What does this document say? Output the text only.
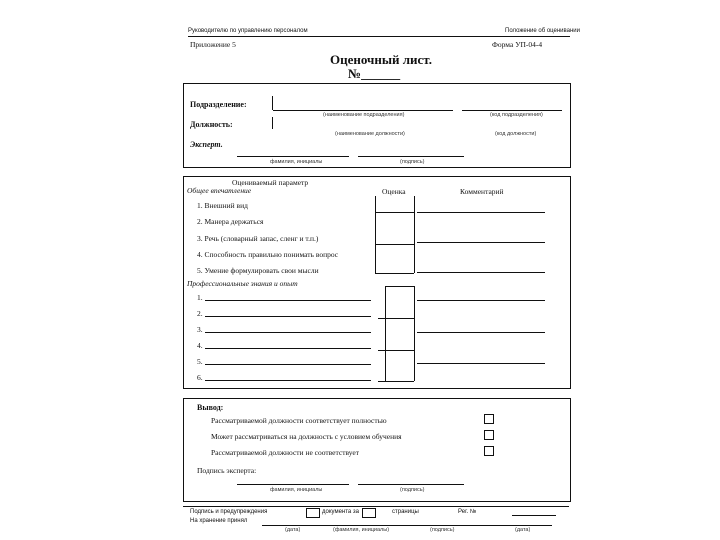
Руководителю по управлению персоналом	Положение об оценивании
Приложение 5	Форма УП-04-4
Оценочный лист.
№______
Подразделение:
(наименование подразделения)	(код подразделения)
Должность:
(наименование должности)	(код должности)
Эксперт.
фамилия, инициалы	(подпись)
Оцениваемый параметр
Общее впечатление	Оценка	Комментарий
1. Внешний вид
2. Манера держаться
3. Речь (словарный запас, сленг и т.п.)
4. Способность правильно понимать вопрос
5. Умение формулировать свои мысли
Профессиональные знания и опыт
1.
2.
3.
4.
5.
6.
Вывод:
Рассматриваемой должности соответствует полностью
Может рассматриваться на должность с условием обучения
Рассматриваемой должности не соответствует
Подпись эксперта:
фамилия, инициалы	(подпись)
Подпись и предупреждения	документа за	страницы	Рег. №
На хранение принял
(дата)	(фамилия, инициалы)	(подпись)	(дата)
